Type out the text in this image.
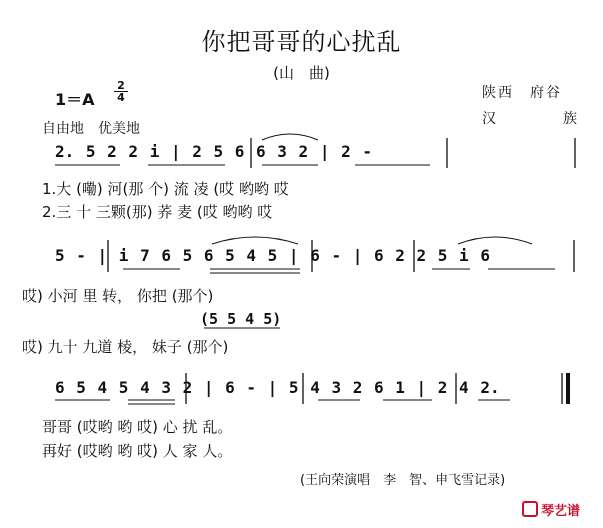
你把哥哥的心扰乱
(山　曲)
1＝A
2
4	陕西　府谷
汉　　族
自由地　优美地
2. 5 2 2 i | 2 5 6 6 3 2 | 2 -
1.大 (嘞) 河(那 个) 流 凌 (哎 哟哟 哎
2.三 十 三颗(那) 荞 麦 (哎 哟哟 哎
5 - | i 7 6 5 6 5 4 5 | 6 - | 6 2 2 5 i 6
哎) 小河 里 转， 你把 (那个)
(5 5 4 5)
哎) 九十 九道 棱， 妹子 (那个)
6 5 4 5 4 3 2 | 6 - | 5 4 3 2 6 1 | 2 4 2.
哥哥 (哎哟 哟 哎) 心 扰 乱。
再好 (哎哟 哟 哎) 人 家 人。
(王向荣演唱　李　智、申飞雪记录)
琴艺谱
